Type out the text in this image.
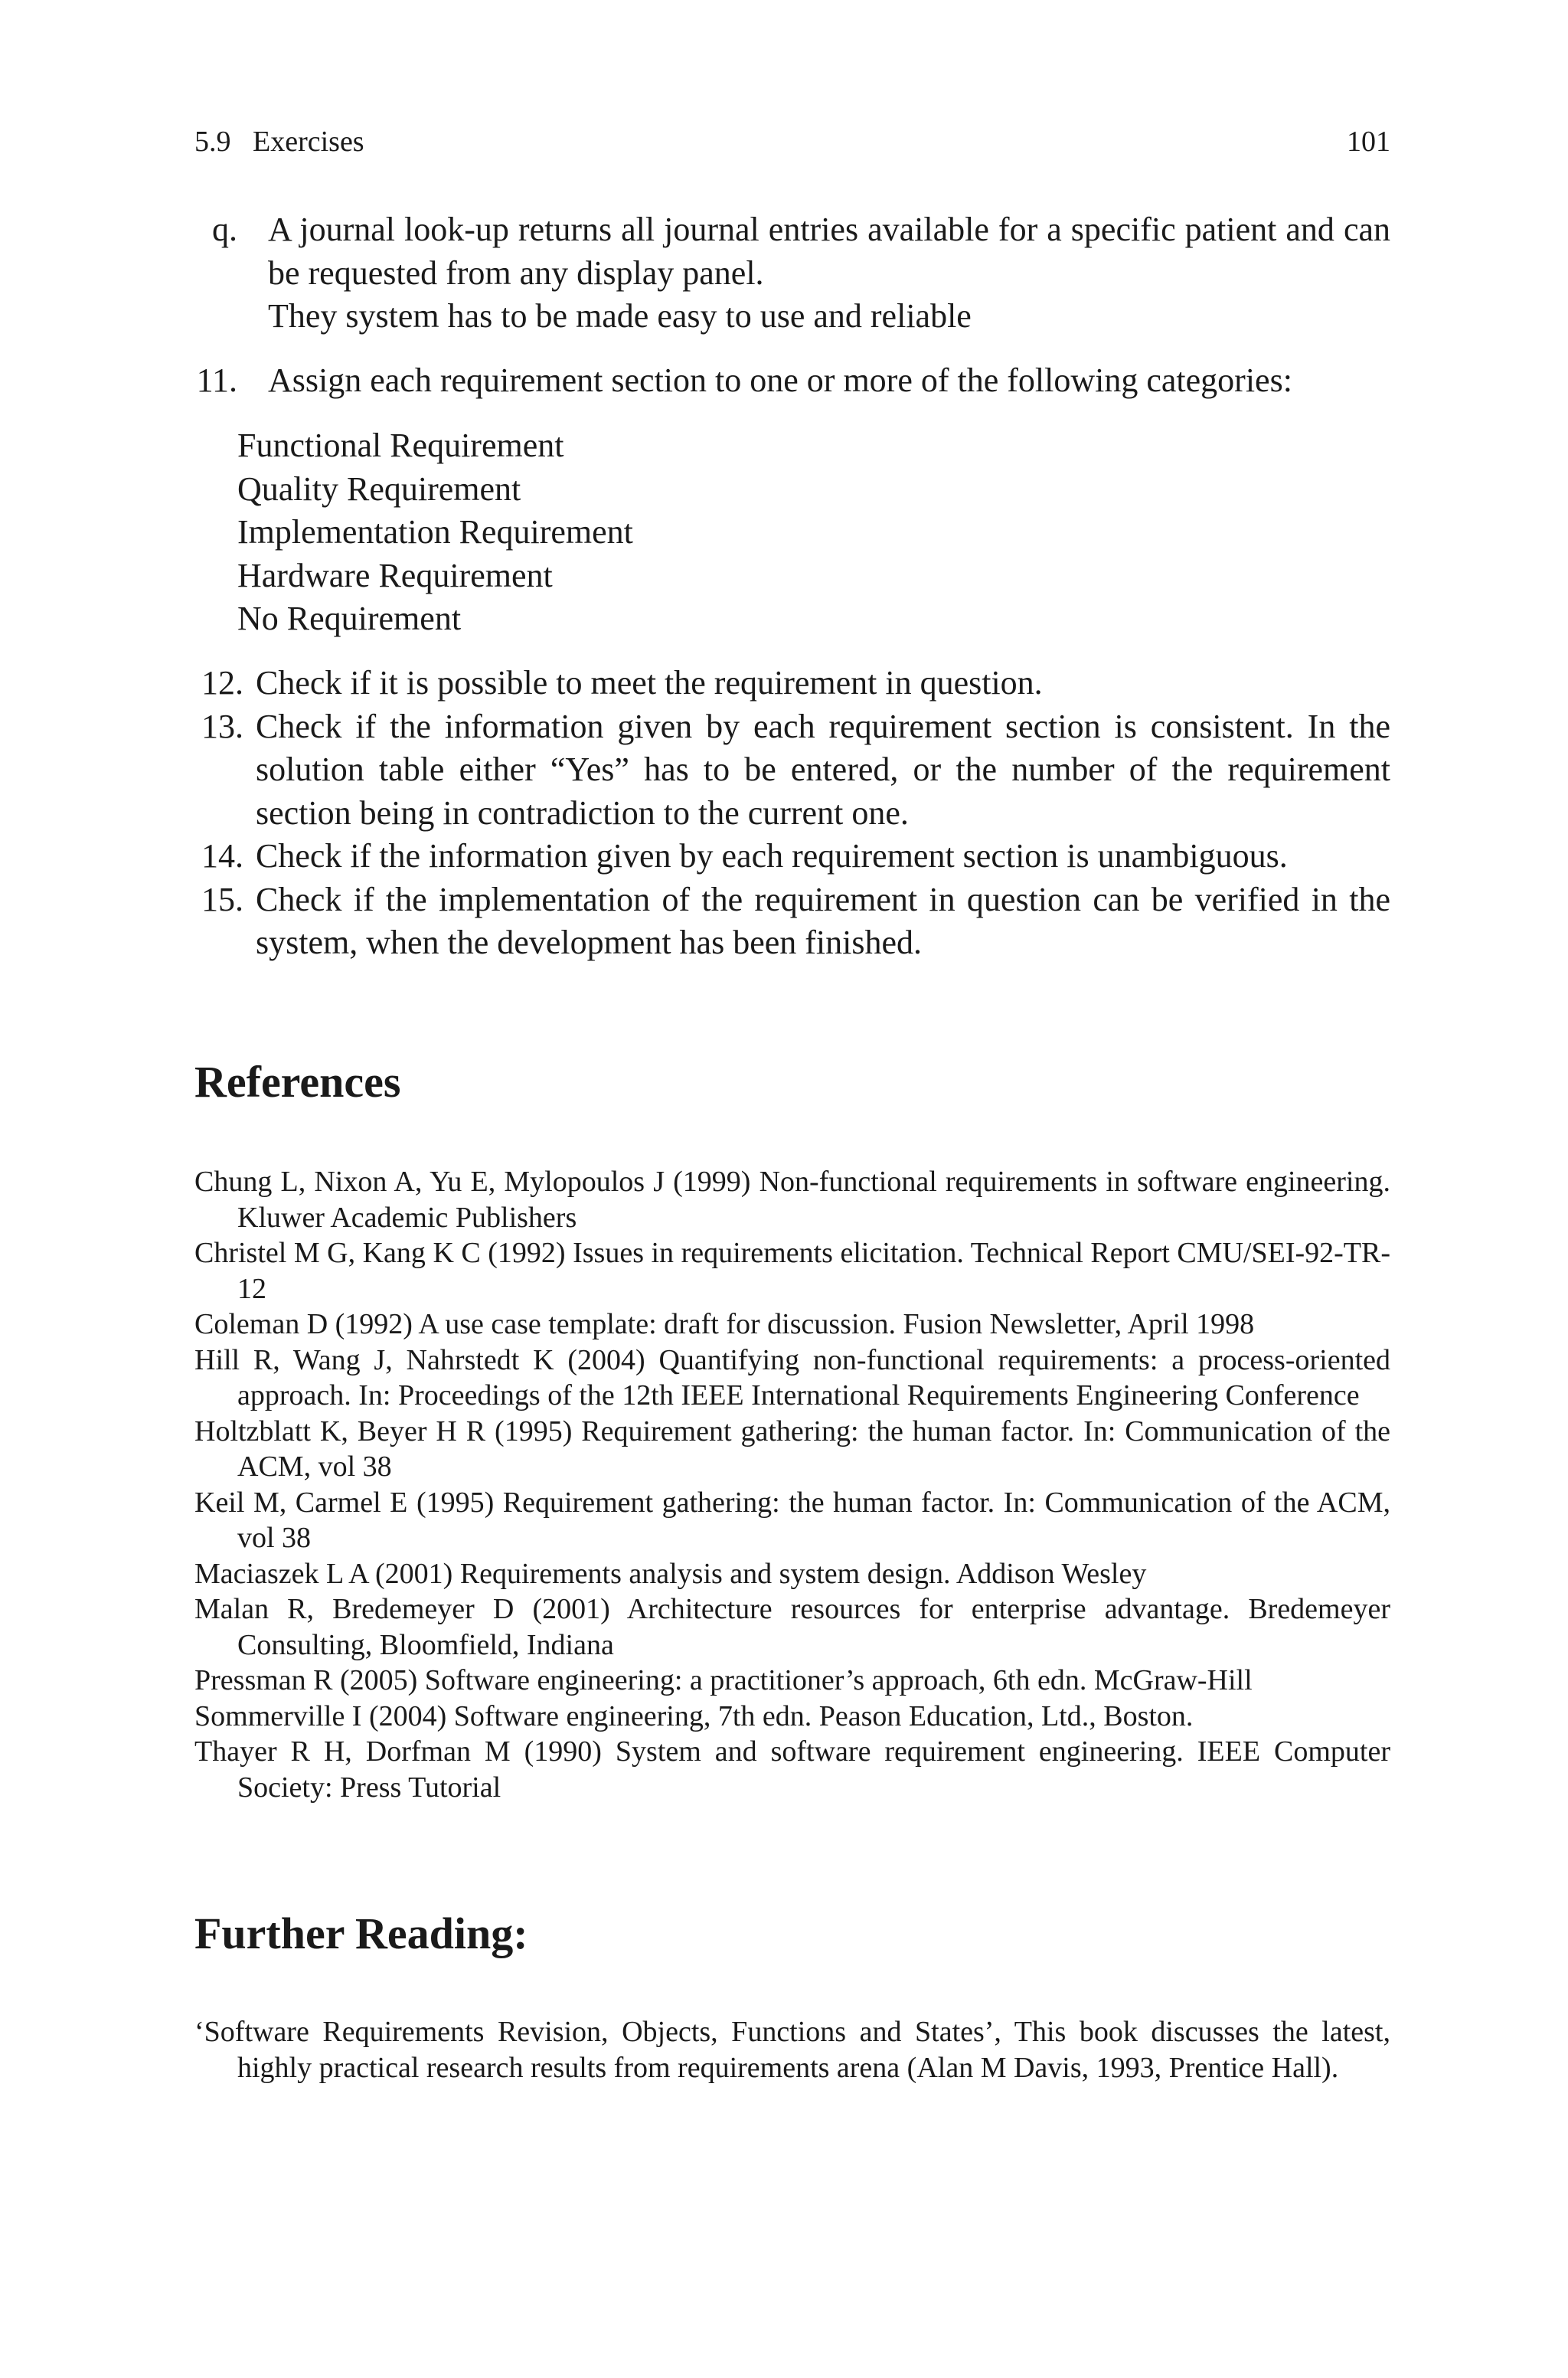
5.9   Exercises	101
q. A journal look-up returns all journal entries available for a specific patient and can be requested from any display panel.
They system has to be made easy to use and reliable
11. Assign each requirement section to one or more of the following categories:
Functional Requirement
Quality Requirement
Implementation Requirement
Hardware Requirement
No Requirement
12. Check if it is possible to meet the requirement in question.
13. Check if the information given by each requirement section is consistent. In the solution table either “Yes” has to be entered, or the number of the requirement section being in contradiction to the current one.
14. Check if the information given by each requirement section is unambiguous.
15. Check if the implementation of the requirement in question can be verified in the system, when the development has been finished.
References

Chung L, Nixon A, Yu E, Mylopoulos J (1999) Non-functional requirements in software engineering. Kluwer Academic Publishers

Christel M G, Kang K C (1992) Issues in requirements elicitation. Technical Report CMU/SEI-92-TR-12

Coleman D (1992) A use case template: draft for discussion. Fusion Newsletter, April 1998

Hill R, Wang J, Nahrstedt K (2004) Quantifying non-functional requirements: a process-oriented approach. In: Proceedings of the 12th IEEE International Requirements Engineering Conference

Holtzblatt K, Beyer H R (1995) Requirement gathering: the human factor. In: Communication of the ACM, vol 38

Keil M, Carmel E (1995) Requirement gathering: the human factor. In: Communication of the ACM, vol 38

Maciaszek L A (2001) Requirements analysis and system design. Addison Wesley

Malan R, Bredemeyer D (2001) Architecture resources for enterprise advantage. Bredemeyer Consulting, Bloomfield, Indiana

Pressman R (2005) Software engineering: a practitioner’s approach, 6th edn. McGraw-Hill

Sommerville I (2004) Software engineering, 7th edn. Peason Education, Ltd., Boston.

Thayer R H, Dorfman M (1990) System and software requirement engineering. IEEE Computer Society: Press Tutorial

Further Reading:

‘Software Requirements Revision, Objects, Functions and States’, This book discusses the latest, highly practical research results from requirements arena (Alan M Davis, 1993, Prentice Hall).
